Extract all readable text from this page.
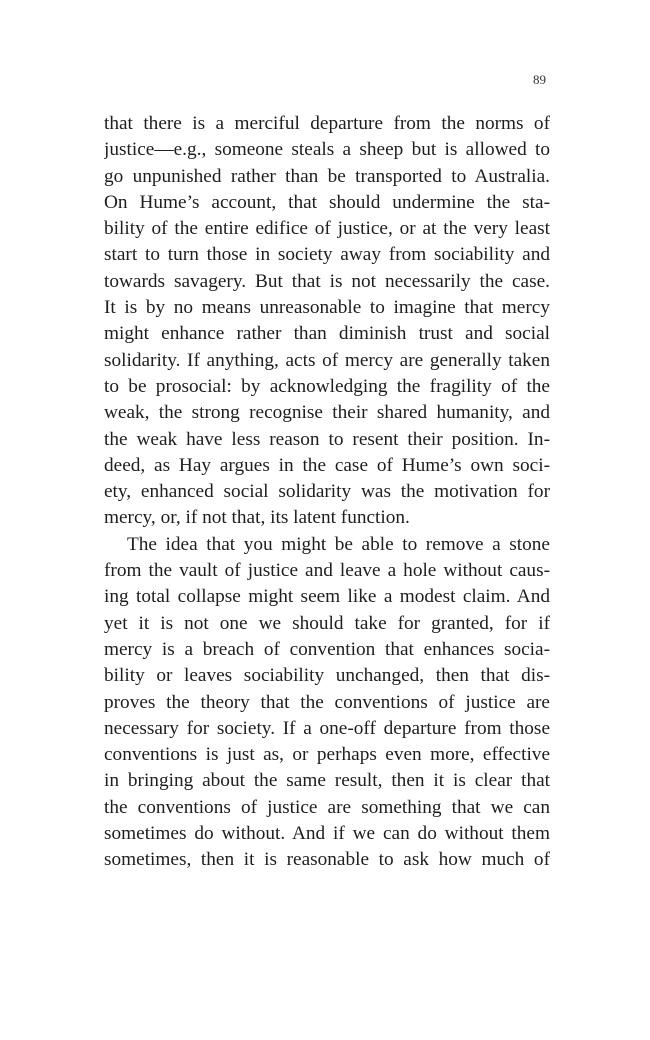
89
that there is a merciful departure from the norms of
justice—e.g., someone steals a sheep but is allowed to
go unpunished rather than be transported to Australia.
On Hume’s account, that should undermine the sta-
bility of the entire edifice of justice, or at the very least
start to turn those in society away from sociability and
towards savagery. But that is not necessarily the case.
It is by no means unreasonable to imagine that mercy
might enhance rather than diminish trust and social
solidarity. If anything, acts of mercy are generally taken
to be prosocial: by acknowledging the fragility of the
weak, the strong recognise their shared humanity, and
the weak have less reason to resent their position. In-
deed, as Hay argues in the case of Hume’s own soci-
ety, enhanced social solidarity was the motivation for
mercy, or, if not that, its latent function.
The idea that you might be able to remove a stone
from the vault of justice and leave a hole without caus-
ing total collapse might seem like a modest claim. And
yet it is not one we should take for granted, for if
mercy is a breach of convention that enhances socia-
bility or leaves sociability unchanged, then that dis-
proves the theory that the conventions of justice are
necessary for society. If a one-off departure from those
conventions is just as, or perhaps even more, effective
in bringing about the same result, then it is clear that
the conventions of justice are something that we can
sometimes do without. And if we can do without them
sometimes, then it is reasonable to ask how much of
